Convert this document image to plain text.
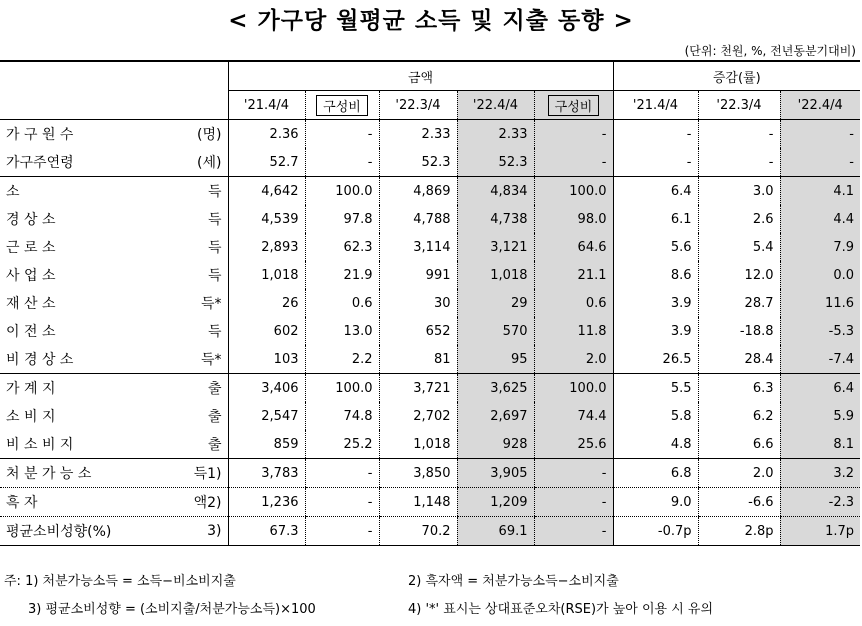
< 가구당 월평균 소득 및 지출 동향 >
(단위: 천원, %, 전년동분기대비)
	금액					증감(률)		
	'21.4/4	구성비	'22.3/4	'22.4/4	구성비	'21.4/4	'22.3/4	'22.4/4

가 구 원 수 (명)	2.36	-	2.33	2.33	-	-	-	-

가구주연령 (세)	52.7	-	52.3	52.3	-	-	-	-

소 득	4,642	100.0	4,869	4,834	100.0	6.4	3.0	4.1

경 상 소 득	4,539	97.8	4,788	4,738	98.0	6.1	2.6	4.4

근 로 소 득	2,893	62.3	3,114	3,121	64.6	5.6	5.4	7.9

사 업 소 득	1,018	21.9	991	1,018	21.1	8.6	12.0	0.0

재 산 소 득*	26	0.6	30	29	0.6	3.9	28.7	11.6

이 전 소 득	602	13.0	652	570	11.8	3.9	-18.8	-5.3

비 경 상 소 득*	103	2.2	81	95	2.0	26.5	28.4	-7.4

가 계 지 출	3,406	100.0	3,721	3,625	100.0	5.5	6.3	6.4

소 비 지 출	2,547	74.8	2,702	2,697	74.4	5.8	6.2	5.9

비 소 비 지 출	859	25.2	1,018	928	25.6	4.8	6.6	8.1

처 분 가 능 소 득1)	3,783	-	3,850	3,905	-	6.8	2.0	3.2

흑 자 액2)	1,236	-	1,148	1,209	-	9.0	-6.6	-2.3

평균소비성향(%) 3)	67.3	-	70.2	69.1	-	-0.7p	2.8p	1.7p
주: 1) 처분가능소득 = 소득−비소비지출	2) 흑자액 = 처분가능소득−소비지출
3) 평균소비성향 = (소비지출/처분가능소득)×100	4) '*' 표시는 상대표준오차(RSE)가 높아 이용 시 유의
